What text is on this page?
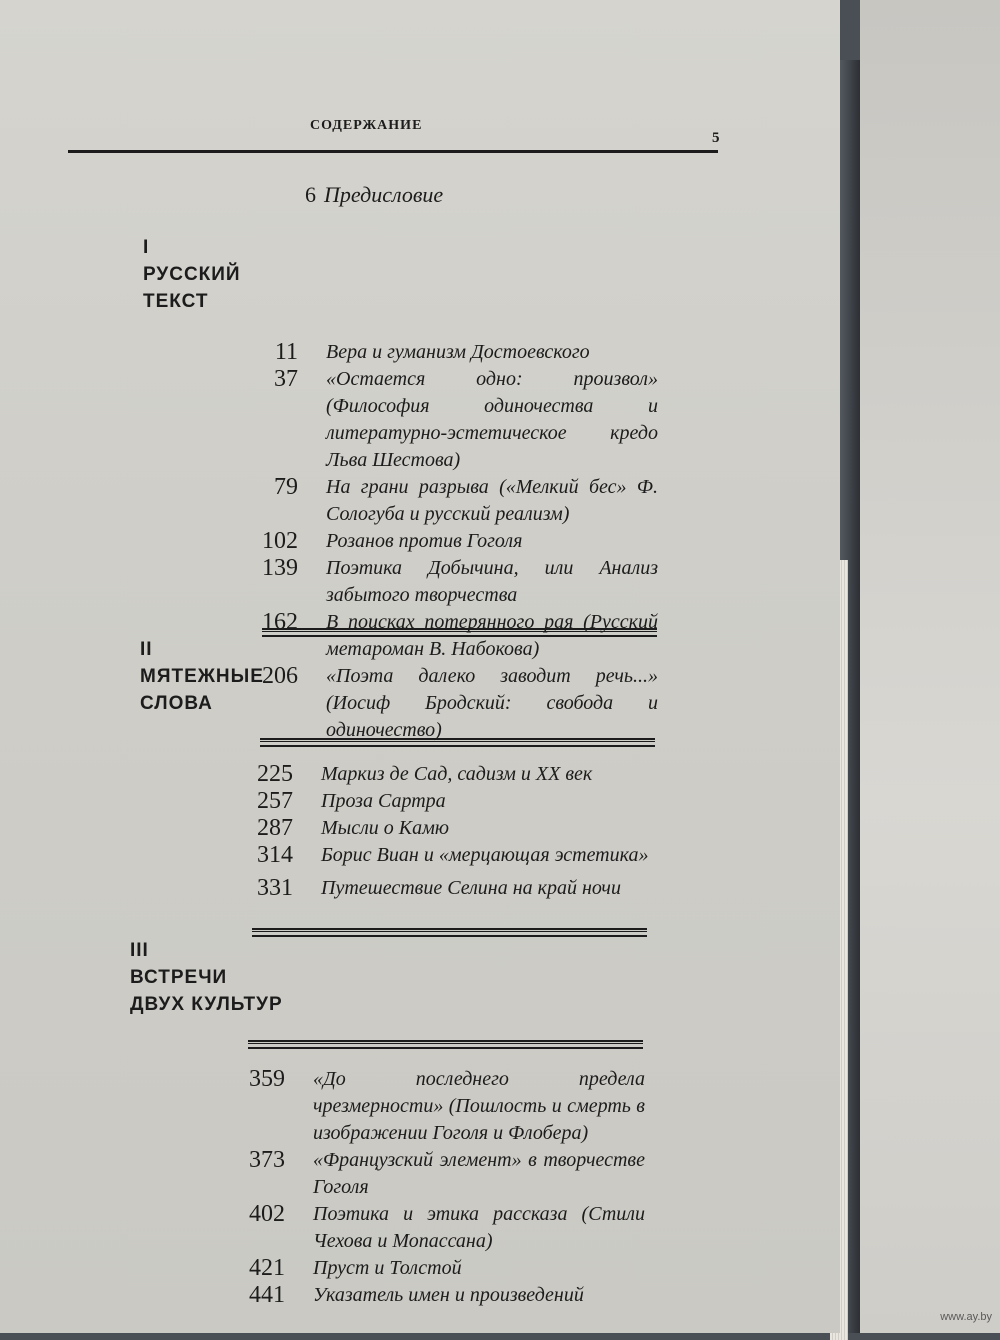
СОДЕРЖАНИЕ
5
6 Предисловие
I
РУССКИЙ
ТЕКСТ
11 Вера и гуманизм Достоевского
37 «Остается одно: произвол» (Философия одиночества и литературно-эстетическое кредо Льва Шестова)
79 На грани разрыва («Мелкий бес» Ф. Сологуба и русский реализм)
102 Розанов против Гоголя
139 Поэтика Добычина, или Анализ забытого творчества
162 В поисках потерянного рая (Русский метароман В. Набокова)
206 «Поэта далеко заводит речь...» (Иосиф Бродский: свобода и одиночество)
II
МЯТЕЖНЫЕ
СЛОВА
225 Маркиз де Сад, садизм и XX век
257 Проза Сартра
287 Мысли о Камю
314 Борис Виан и «мерцающая эстетика»
331 Путешествие Селина на край ночи
III
ВСТРЕЧИ
ДВУХ КУЛЬТУР
359 «До последнего предела чрезмерности» (Пошлость и смерть в изображении Гоголя и Флобера)
373 «Французский элемент» в творчестве Гоголя
402 Поэтика и этика рассказа (Стили Чехова и Мопассана)
421 Пруст и Толстой
441 Указатель имен и произведений
www.ay.by
